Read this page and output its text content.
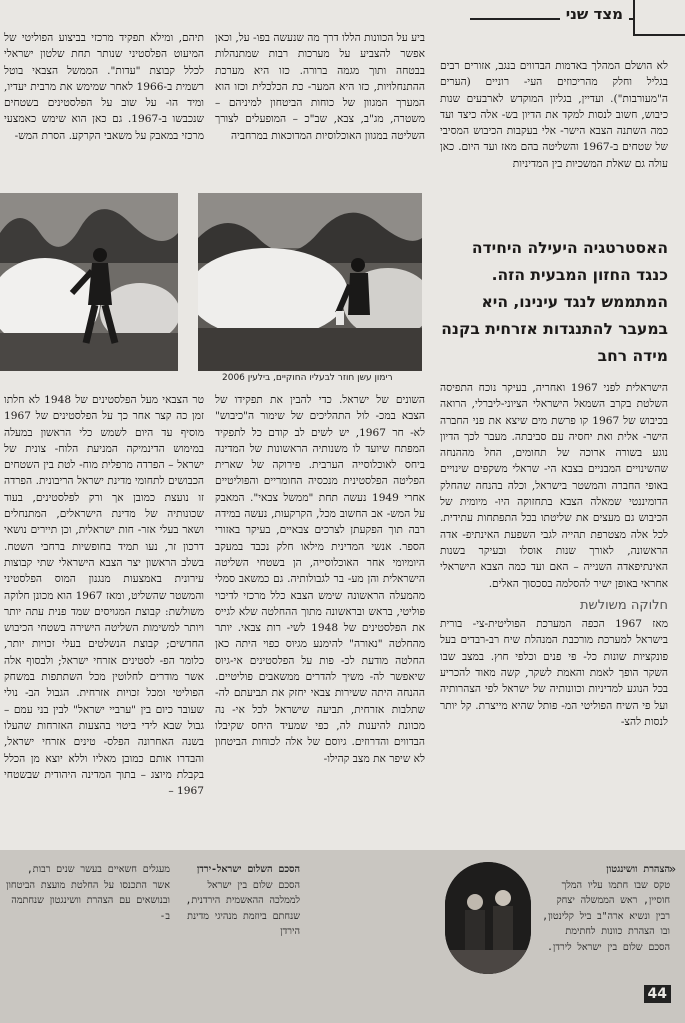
מצד שני

לא הושלם המהלך באדמות הבדווים בנגב, אזורים רבים בגליל וחלק מהריכוזים העי- רוניים (הערים ה"מעורבות"). ועדיין, בגליון המוקדש לארבעים שנות כיבוש, חשוב לנסות למקד את הדיון בש- אלה כיצד ועד כמה השתנה הצבא הישר- אלי בעקבות הכיבוש המסיבי של שטחים ב-1967 והשליטה בהם מאז ועד היום. כאן עולה גם שאלת המשכיות בין המדיניות

ביע על הכוונות הללו דרך מה שנעשה בפו- על, וכאן אפשר להצביע על מערכות רבות שמתנהלות בבטחה ותוך מגמה ברורה. כזו היא מערכת ההתנחלויות, כזו היא המער- כת הכלכלית וכזו הוא המערך המגוון של כוחות הביטחון למיניהם – משטרה, מג"ב, צבא, שב"כ – המופעלים לצורך השליטה במגוון האוכלוסיות המדוכאות במרחביה

תיהם, ומילא תפקיד מרכזי בביצוע הפוליטי של המיעוט הפלסטיני שנותר תחת שלטון ישראלי לכלל קבוצת "עדות". הממשל הצבאי בוטל רשמית ב-1966 לאחר שמימש את מרבית יעדיו, ומיד הו- על שוב על הפלסטינים בשטחים שנכבשו ב-1967. גם כאן הוא שימש כאמצעי מרכזי במאבק על משאבי הקרקע. הסרת המש-

רימון עשן חוזר לבעליו החוקיים, בילעין 2006
האסטרטגיה היעילה היחידה כנגד החזון המבעית הזה. המתממש לנגד עינינו, היא במעבר להתנגדות אזרחית בקנה מידה רחב

הישראלית לפני 1967 ואחריה, בעיקר נוכח התפיסה השלטת בקרב השמאל הישראלי הציוני-ליברלי, הרואה בכיבוש של 1967 קו פרשת מים שיצא את פני החברה הישר- אלית ואת יחסיה עם סביבתה. מעבר לכך הדיון נוגע בשורה ארוכה של תחומים, החל מההנחה שהשינויים המבניים בצבא הי- שראלי משקפים שינויים באופי החברה והמשטר בישראל, וכלה בהנחה שהחלק הדומיננטי שמאלה הצבא בתחזוקה היו- מיומית של הכיבוש גם מעצים את שליטתו בכל התפתחות עתידית. לכל אלה מצטרפת תהייה לגבי השפעת האינתיפ- אדה הראשונה, לאורך שנות אוסלו ובעיקר בשנות האינתיפאדה השנייה – האם ועד כמה הצבא הישראלי אחראי באופן ישיר להסלמה בסכסוך האלים.

חלוקה משולשת

מאז 1967 הכפה המערכת הפוליטית-צי- בורית בישראל למערכת מורכבת המנהלת שיח רב-רבדים בעל פונקציות שונות כל- פי פנים וכלפי חוץ. במצב שבו השקר הופך לאמת והאמת לשקר, קשה מאוד להכריע בכל הנוגע למדיניות וכוונותיה של ישראל לפי הצהרותיה ועל פי השיח הפוליטי המ- פותל שהיא מייצרת. קל יותר לנסות להצ-

השונים של ישראל. כדי להבין את תפקידו של הצבא במכ- לול התהליכים של שימור ה"כיבוש" לא- חר 1967, יש לשים לב קודם כל לתפקיד המפתח שיועד לו משנותיה הראשונות של המדינה ביחס לאוכלוסייה הערבית. פירוקה של שארית הפליטה הפלסטינית מנכסיה החומריים והפוליטיים אחרי 1949 נעשה תחת "ממשל צבאי". המאבק על המש- אב החשוב מכל, הקרקעות, נעשה במידה רבה תוך הפקעתן לצרכים צבאיים, בעיקר באזורי הספר. אנשי המדינית מילאו חלק נכבד במעקב היומיומי אחר האוכלוסייה, הן בשטחי השליטה הישראלית והן מע- בר לגבולותיה. גם כמשאב סמלי מהמעלה הראשונה שימש הצבא כלל מרכזי לדיכוי פוליטי, בראש ובראשונה מתוך ההחלטה שלא לגייס את הפלסטינים של 1948 לשי- רות צבאי. יותר מהחלטה "נאורה" להימנע מגיוס כפוי היתה כאן החלטה מודעת לכ- פות על הפלסטינים אי-גיוס שיאפשר לה- משיך להדרים ממשאבים פוליטיים. ההנחה היתה ששירות צבאי יחזק את תביעתם לה- שתלבות אזרחית, תביעה שישראל לכל אי- נה מכוונת להיענות לה, כפי שמעיד היחס שקיבלו הבדווים והדרוזים. גיוסם של אלה לכוחות הביטחון לא שיפר את מצב קהילו-

טר הצבאי מעל הפלסטינים של 1948 לא חלתו זמן כה קצר אחר כך על הפלסטינים של 1967 מוסיף עד היום לשמש כלי הראשון במעלה במימוש הדינמיקה המניעת הלוח- צונית של ישראל – הפרדה מרפלית מוח- לטת בין השטחים הכבושים לתחומי מדינת ישראל הריבונית. הפרדה זו נועצת כמובן אך ורק לפלסטינים, בעוד שכונותיה של מדינת הישראלים, המתנחלים ושאר בעלי אזר- חות ישראלית, וכן תיירים נושאי דרכון זר, נעו תמיד בחופשיות ברחבי השטח. בשלב הראשון יצר הצבא הישראלי שתי קבוצות עירונית באמצעות מנגנון המוס הפלסטיני והמשטר שהשליט, ומאז 1967 הוא מכונן חלוקה משולשת: קבוצת המגויסים שמד פנית עתה יותר ויותר למשימות השליטה הישירה בשטחי הכיבוש החדשים; קבוצת הנשלטים בעלי זכויות יותר, כלומר הפ- לסטינים אזרחי ישראל; ולבסוף אלה אשר מודרים לחלוטין מכל השתתפות במשחק הפוליטי ומכל זכויות אזרחית. הגבול הב- נולי שעובר כיום בין "ערביי ישראל" לבין בני עמם – גבול שבא לידי ביטוי בהצעות האזרחות שהעלו בשנה האחרונה הפלס- טינים אזרחי ישראל, והבדרו אותם כמובן מאליו וללא יוצא מן הכלל בקבלת מיוצג – בתוך המדינה היהודית שבשטחי 1967 –

הצהרת וושינגטון
טקס שבו חתמו עליו המלך חוסיין, ראש הממשלה יצחק רבין ונשיא ארה"ב ביל קלינטון, ובו הצהרת כוונות לחתימת הסכם שלום בין ישראל לירדן.
הסכם השלום ישראל-ירדן
הסכם שלום בין ישראל לממלכה ההאשמית הירדנית, שנחתם ביוזמת מנהיגי מדינת הירדן
מעגלים חשאיים בעשר שנים רבות, אשר התכנסו על החלטת מועצת הביטחון ובנושאים עם הצהרת וושינגטון שנחתמה ב-
«
44
